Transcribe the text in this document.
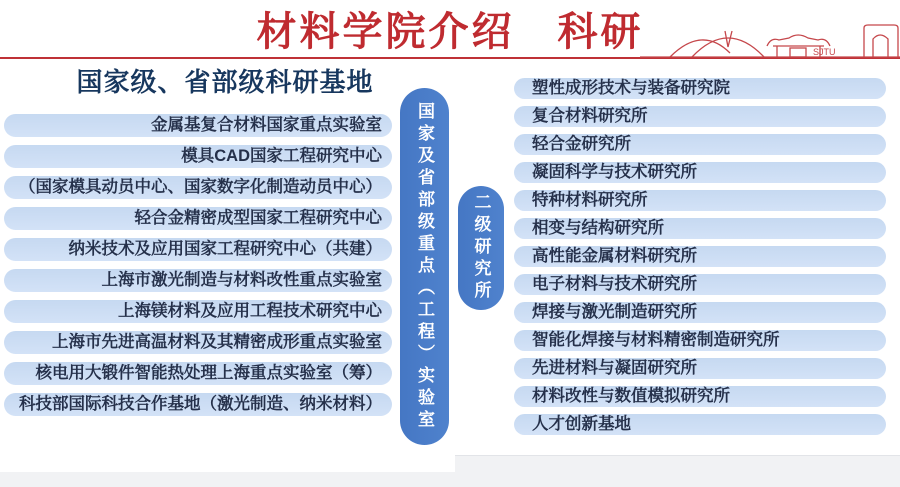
材料学院介绍　科研	SJTU
国家级、省部级科研基地
金属基复合材料国家重点实验室
模具CAD国家工程研究中心
（国家模具动员中心、国家数字化制造动员中心）
轻合金精密成型国家工程研究中心
纳米技术及应用国家工程研究中心（共建）
上海市激光制造与材料改性重点实验室
上海镁材料及应用工程技术研究中心
上海市先进高温材料及其精密成形重点实验室
核电用大锻件智能热处理上海重点实验室（筹）
科技部国际科技合作基地（激光制造、纳米材料）	国家及省部级重点（工程）实验室 二级研究所
塑性成形技术与装备研究院
复合材料研究所
轻合金研究所
凝固科学与技术研究所
特种材料研究所
相变与结构研究所
高性能金属材料研究所
电子材料与技术研究所
焊接与激光制造研究所
智能化焊接与材料精密制造研究所
先进材料与凝固研究所
材料改性与数值模拟研究所
人才创新基地
